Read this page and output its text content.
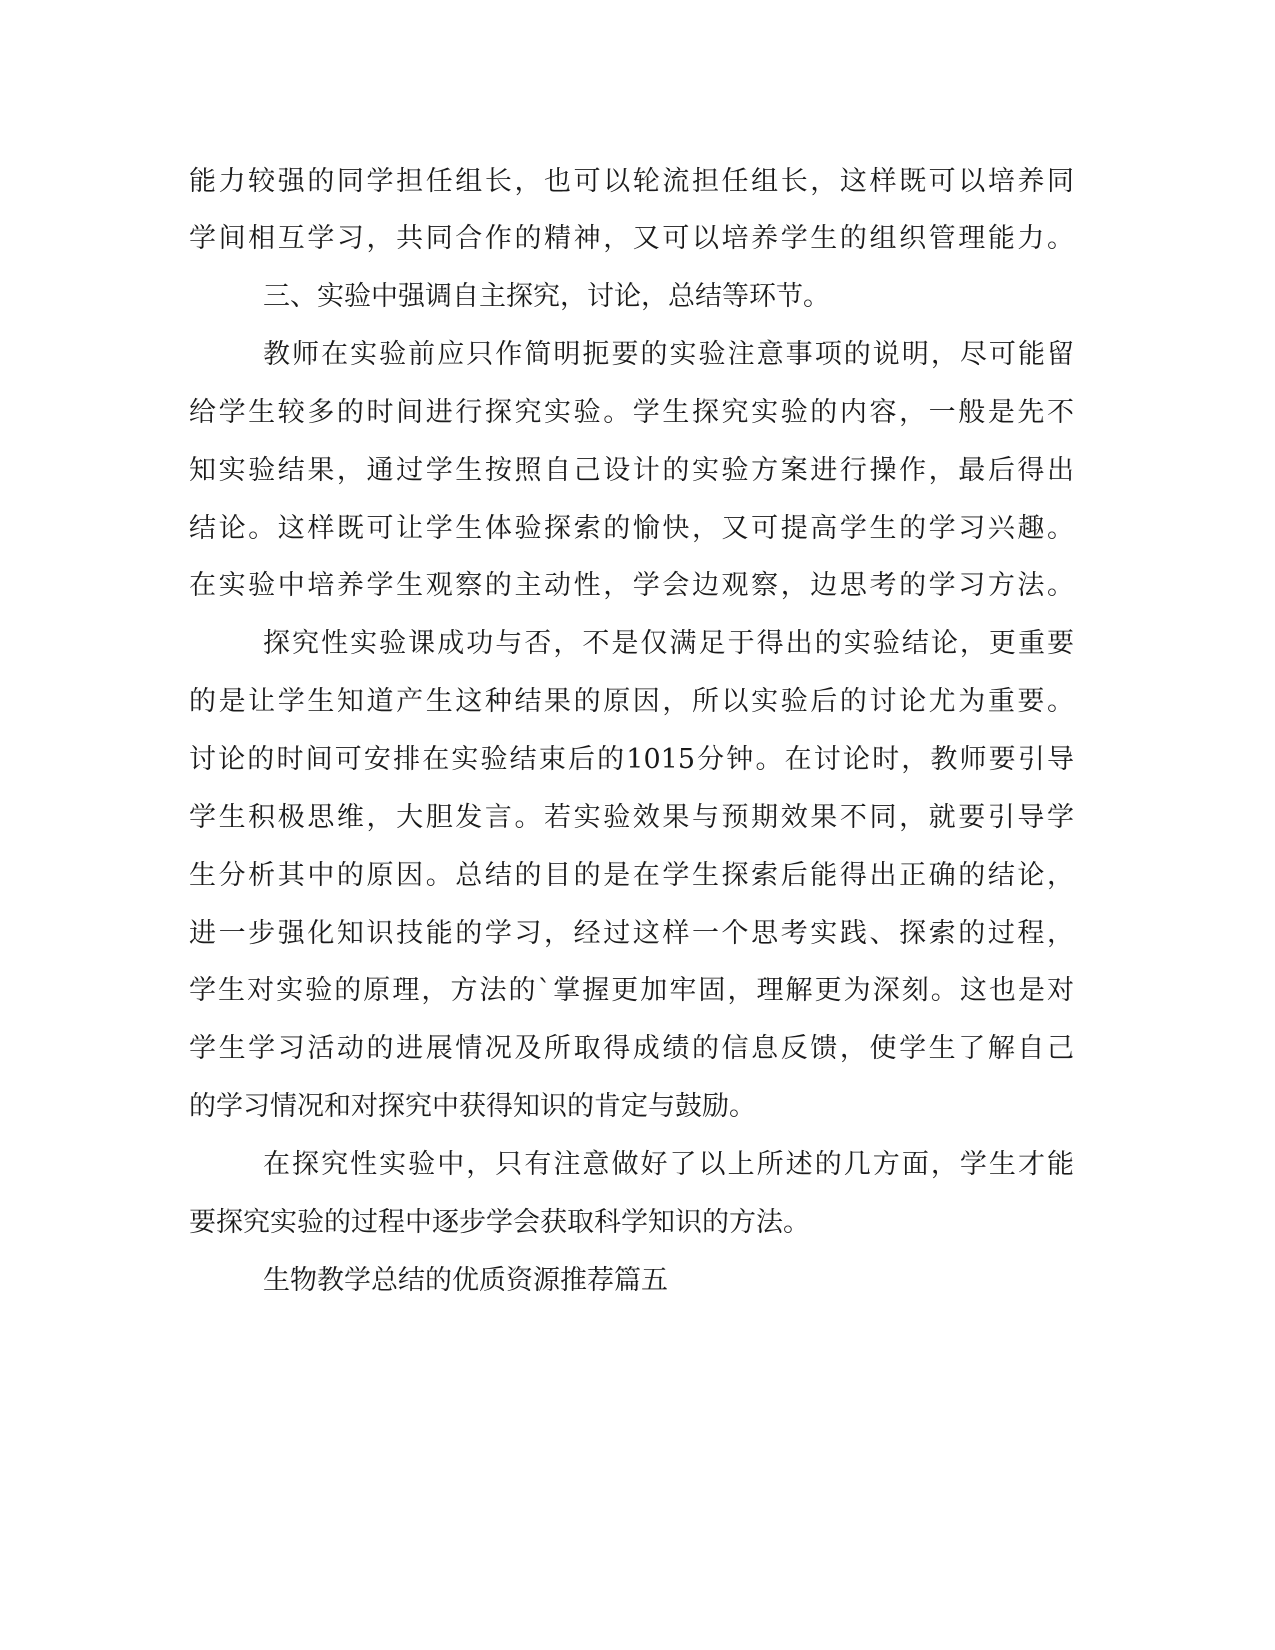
能力较强的同学担任组长，也可以轮流担任组长，这样既可以培养同

学间相互学习，共同合作的精神，又可以培养学生的组织管理能力。

三、实验中强调自主探究，讨论，总结等环节。

教师在实验前应只作简明扼要的实验注意事项的说明，尽可能留

给学生较多的时间进行探究实验。学生探究实验的内容，一般是先不

知实验结果，通过学生按照自己设计的实验方案进行操作，最后得出

结论。这样既可让学生体验探索的愉快，又可提高学生的学习兴趣。

在实验中培养学生观察的主动性，学会边观察，边思考的学习方法。

探究性实验课成功与否，不是仅满足于得出的实验结论，更重要

的是让学生知道产生这种结果的原因，所以实验后的讨论尤为重要。

讨论的时间可安排在实验结束后的1015分钟。在讨论时，教师要引导

学生积极思维，大胆发言。若实验效果与预期效果不同，就要引导学

生分析其中的原因。总结的目的是在学生探索后能得出正确的结论，

进一步强化知识技能的学习，经过这样一个思考实践、探索的过程，

学生对实验的原理，方法的`掌握更加牢固，理解更为深刻。这也是对

学生学习活动的进展情况及所取得成绩的信息反馈，使学生了解自己

的学习情况和对探究中获得知识的肯定与鼓励。

在探究性实验中，只有注意做好了以上所述的几方面，学生才能

要探究实验的过程中逐步学会获取科学知识的方法。

生物教学总结的优质资源推荐篇五
